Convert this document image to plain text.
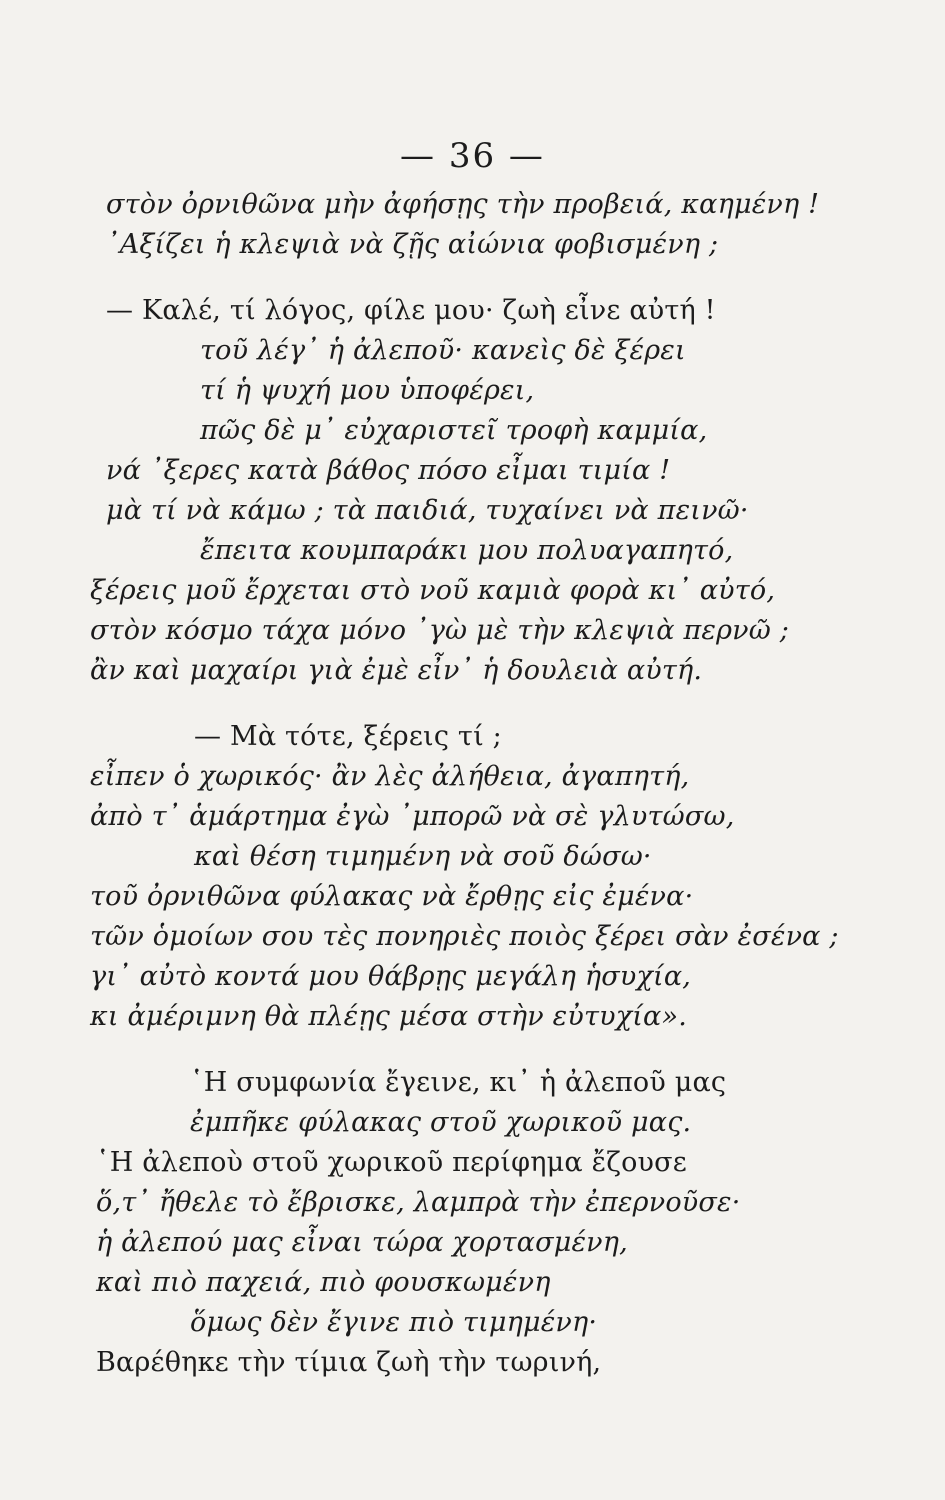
— 36 —
στὸν ὀρνιθῶνα μὴν ἀφήσῃς τὴν προβειά, καημένη !
᾽Αξίζει ἡ κλεψιὰ νὰ ζῇς αἰώνια φοβισμένη ;
— Καλέ, τί λόγος, φίλε μου· ζωὴ εἶνε αὐτή !
τοῦ λέγ᾽ ἡ ἀλεποῦ· κανεὶς δὲ ξέρει
τί ἡ ψυχή μου ὑποφέρει,
πῶς δὲ μ᾽ εὐχαριστεῖ τροφὴ καμμία,
νά ᾽ξερες κατὰ βάθος πόσο εἶμαι τιμία !
μὰ τί νὰ κάμω ; τὰ παιδιά, τυχαίνει νὰ πεινῶ·
ἔπειτα κουμπαράκι μου πολυαγαπητό,
ξέρεις μοῦ ἔρχεται στὸ νοῦ καμιὰ φορὰ κι᾽ αὐτό,
στὸν κόσμο τάχα μόνο ᾽γὼ μὲ τὴν κλεψιὰ περνῶ ;
ἂν καὶ μαχαίρι γιὰ ἐμὲ εἶν᾽ ἡ δουλειὰ αὐτή.
— Μὰ τότε, ξέρεις τί ;
εἶπεν ὁ χωρικός· ἂν λὲς ἀλήθεια, ἀγαπητή,
ἀπὸ τ᾽ ἁμάρτημα ἐγὼ ᾽μπορῶ νὰ σὲ γλυτώσω,
καὶ θέση τιμημένη νὰ σοῦ δώσω·
τοῦ ὀρνιθῶνα φύλακας νὰ ἔρθῃς εἰς ἐμένα·
τῶν ὁμοίων σου τὲς πονηριὲς ποιὸς ξέρει σὰν ἐσένα ;
γι᾽ αὐτὸ κοντά μου θάβρῃς μεγάλη ἡσυχία,
κι ἀμέριμνη θὰ πλέῃς μέσα στὴν εὐτυχία».
῾Η συμφωνία ἔγεινε, κι᾽ ἡ ἀλεποῦ μας
ἐμπῆκε φύλακας στοῦ χωρικοῦ μας.
῾Η ἀλεποὺ στοῦ χωρικοῦ περίφημα ἔζουσε
ὅ,τ᾽ ἤθελε τὸ ἔβρισκε, λαμπρὰ τὴν ἐπερνοῦσε·
ἡ ἀλεπού μας εἶναι τώρα χορτασμένη,
καὶ πιὸ παχειά, πιὸ φουσκωμένη
ὅμως δὲν ἔγινε πιὸ τιμημένη·
Βαρέθηκε τὴν τίμια ζωὴ τὴν τωρινή,
